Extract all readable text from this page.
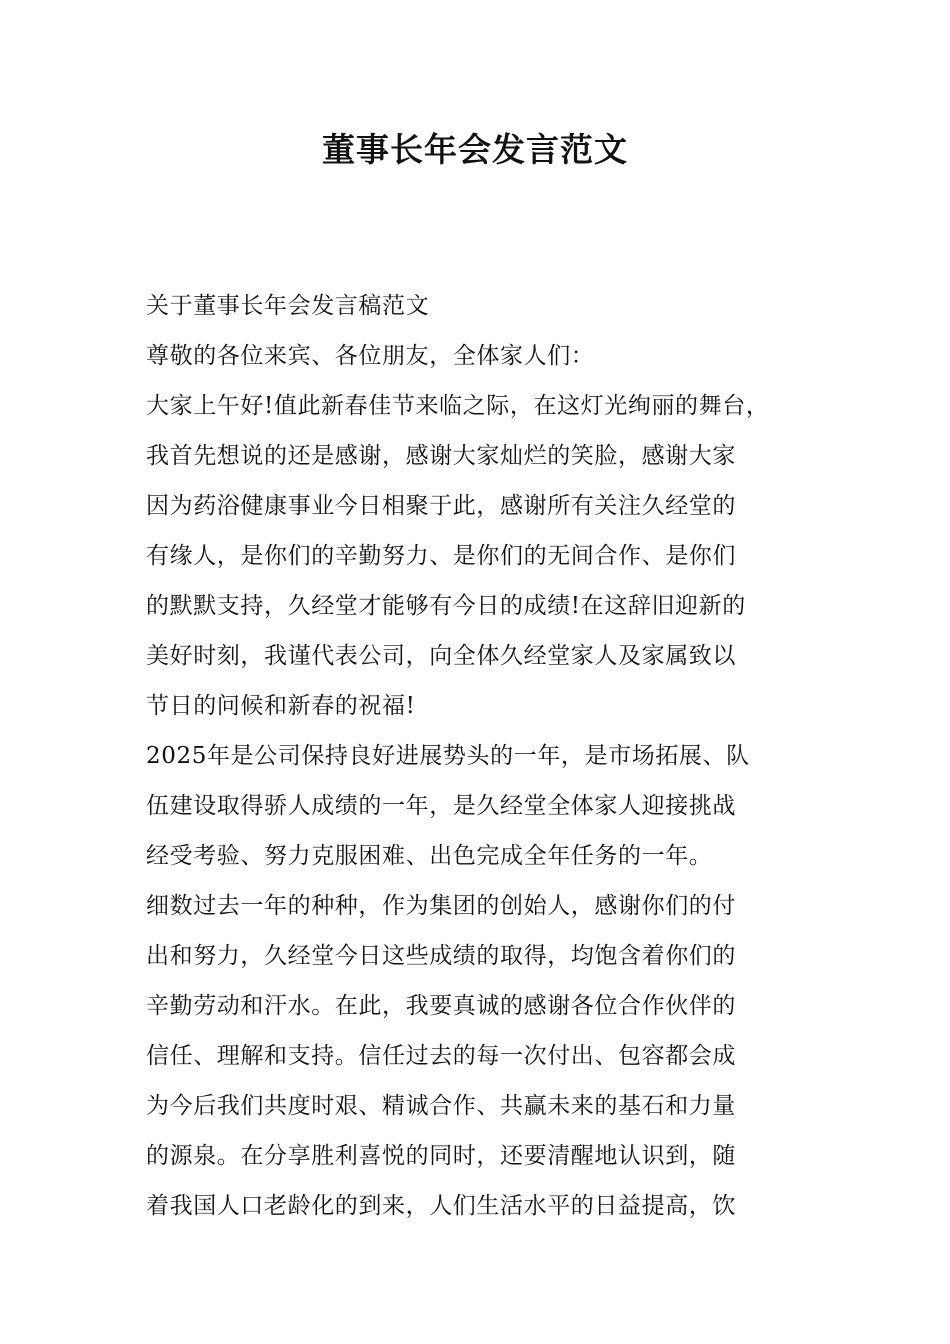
董事长年会发言范文
关于董事长年会发言稿范文
尊敬的各位来宾、各位朋友，全体家人们：
大家上午好!值此新春佳节来临之际，在这灯光绚丽的舞台，
我首先想说的还是感谢，感谢大家灿烂的笑脸，感谢大家
因为药浴健康事业今日相聚于此，感谢所有关注久经堂的
有缘人，是你们的辛勤努力、是你们的无间合作、是你们
的默默支持，久经堂才能够有今日的成绩!在这辞旧迎新的
美好时刻，我谨代表公司，向全体久经堂家人及家属致以
节日的问候和新春的祝福!
2025年是公司保持良好进展势头的一年，是市场拓展、队
伍建设取得骄人成绩的一年，是久经堂全体家人迎接挑战
经受考验、努力克服困难、出色完成全年任务的一年。
细数过去一年的种种，作为集团的创始人，感谢你们的付
出和努力，久经堂今日这些成绩的取得，均饱含着你们的
辛勤劳动和汗水。在此，我要真诚的感谢各位合作伙伴的
信任、理解和支持。信任过去的每一次付出、包容都会成
为今后我们共度时艰、精诚合作、共赢未来的基石和力量
的源泉。在分享胜利喜悦的同时，还要清醒地认识到，随
着我国人口老龄化的到来，人们生活水平的日益提高，饮
